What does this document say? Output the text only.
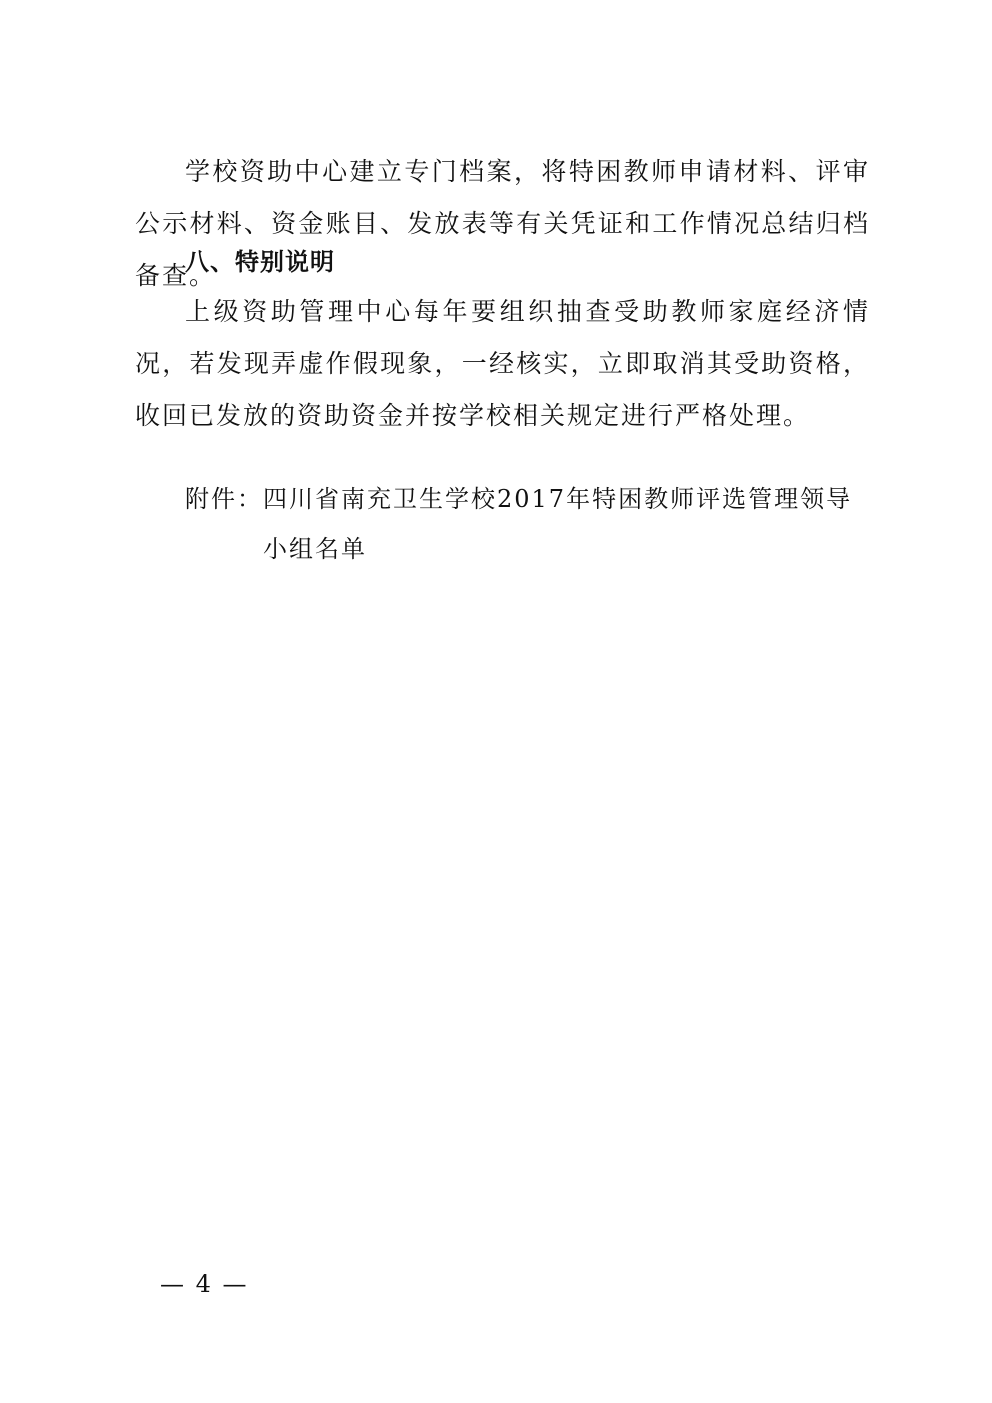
学校资助中心建立专门档案，将特困教师申请材料、评审公示材料、资金账目、发放表等有关凭证和工作情况总结归档备查。

八、特别说明

上级资助管理中心每年要组织抽查受助教师家庭经济情况，若发现弄虚作假现象，一经核实，立即取消其受助资格，收回已发放的资助资金并按学校相关规定进行严格处理。

附件： 四川省南充卫生学校2017年特困教师评选管理领导小组名单
— 4 —
